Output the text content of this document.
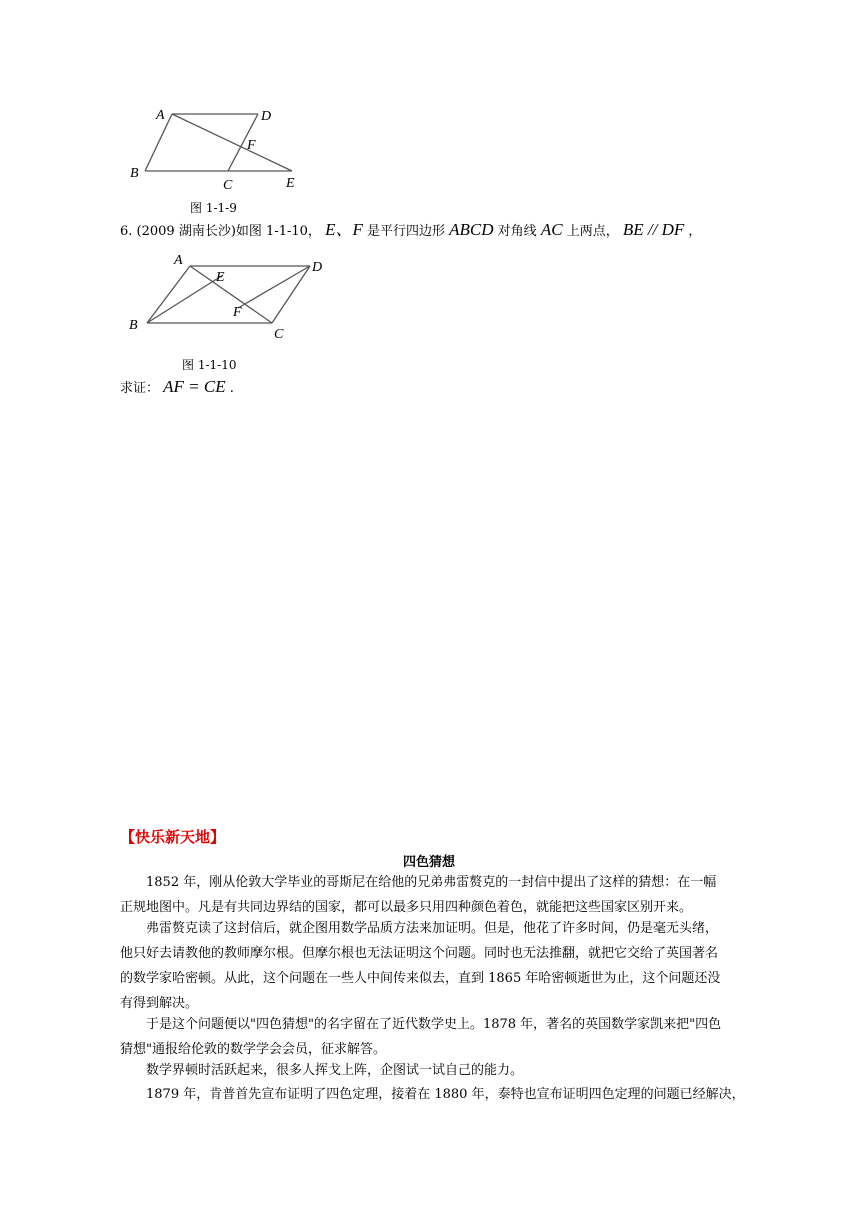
A	D
F
B
C	E
图 1-1-9
6. (2009 湖南长沙)如图 1-1-10， E、F 是平行四边形 ABCD 对角线 AC 上两点， BE // DF ，
A	D
E
F
B
C
图 1-1-10
求证： AF = CE .
【快乐新天地】
四色猜想
1852 年，刚从伦敦大学毕业的哥斯尼在给他的兄弟弗雷赘克的一封信中提出了这样的猜想：在一幅正规地图中。凡是有共同边界结的国家，都可以最多只用四种颜色着色，就能把这些国家区别开来。
弗雷赘克读了这封信后，就企图用数学品质方法来加证明。但是，他花了许多时间，仍是毫无头绪，他只好去请教他的教师摩尔根。但摩尔根也无法证明这个问题。同时也无法推翻，就把它交给了英国著名的数学家哈密顿。从此，这个问题在一些人中间传来似去，直到 1865 年哈密顿逝世为止，这个问题还没有得到解决。
于是这个问题便以"四色猜想"的名字留在了近代数学史上。1878 年，著名的英国数学家凯来把"四色猜想"通报给伦敦的数学学会会员，征求解答。
数学界顿时活跃起来，很多人挥戈上阵，企图试一试自己的能力。
1879 年，肯普首先宣布证明了四色定理，接着在 1880 年，泰特也宣布证明四色定理的问题已经解决，
